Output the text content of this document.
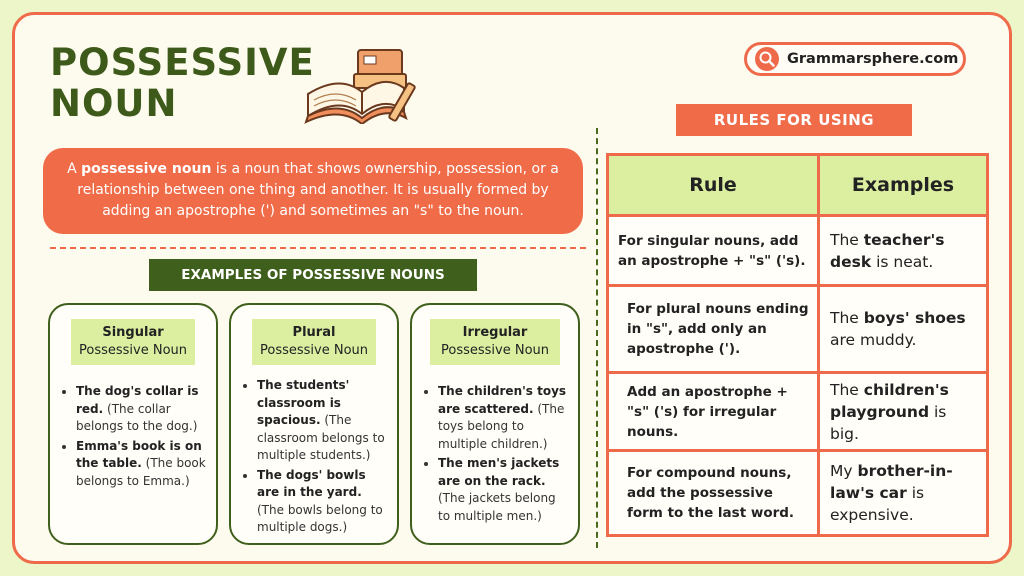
POSSESSIVE
NOUN
Grammarsphere.com
A possessive noun is a noun that shows ownership, possession, or a relationship between one thing and another. It is usually formed by adding an apostrophe (') and sometimes an "s" to the noun.
EXAMPLES OF POSSESSIVE NOUNS
Singular
Possessive Noun
• The dog's collar is red. (The collar belongs to the dog.)
• Emma's book is on the table. (The book belongs to Emma.)
Plural
Possessive Noun
• The students' classroom is spacious. (The classroom belongs to multiple students.)
• The dogs' bowls are in the yard. (The bowls belong to multiple dogs.)
Irregular
Possessive Noun
• The children's toys are scattered. (The toys belong to multiple children.)
• The men's jackets are on the rack. (The jackets belong to multiple men.)
RULES FOR USING
Rule	Examples
For singular nouns, add an apostrophe + "s" ('s).
The teacher's desk is neat.
For plural nouns ending in "s", add only an apostrophe (').
The boys' shoes are muddy.
Add an apostrophe + "s" ('s) for irregular nouns.
The children's playground is big.
For compound nouns, add the possessive form to the last word.
My brother-in-law's car is expensive.
